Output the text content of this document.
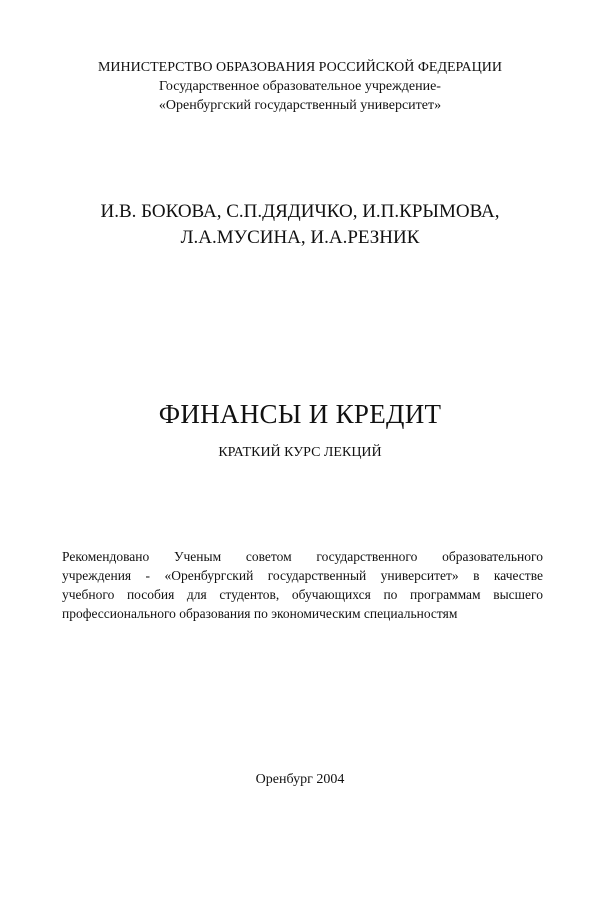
МИНИСТЕРСТВО ОБРАЗОВАНИЯ РОССИЙСКОЙ ФЕДЕРАЦИИ
Государственное образовательное учреждение-
«Оренбургский государственный университет»
И.В. БОКОВА, С.П.ДЯДИЧКО, И.П.КРЫМОВА,
Л.А.МУСИНА, И.А.РЕЗНИК
ФИНАНСЫ И КРЕДИТ
КРАТКИЙ КУРС ЛЕКЦИЙ
Рекомендовано Ученым советом государственного образовательного
учреждения - «Оренбургский государственный университет» в качестве
учебного пособия для студентов, обучающихся по программам высшего
профессионального образования по экономическим специальностям
Оренбург 2004
